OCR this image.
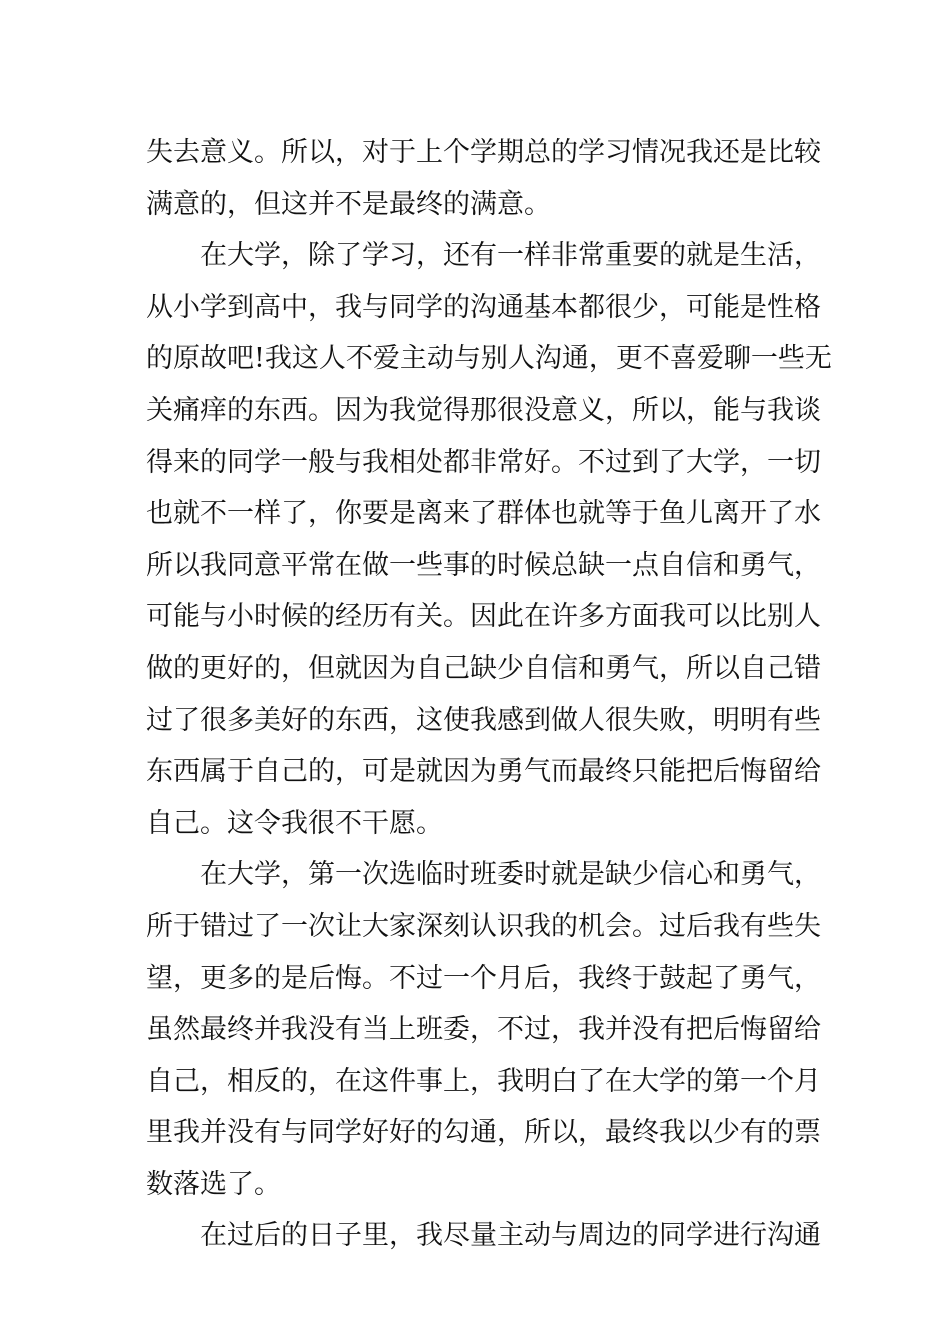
失去意义。所以，对于上个学期总的学习情况我还是比较
满意的，但这并不是最终的满意。
在大学，除了学习，还有一样非常重要的就是生活，
从小学到高中，我与同学的沟通基本都很少，可能是性格
的原故吧!我这人不爱主动与别人沟通，更不喜爱聊一些无
关痛痒的东西。因为我觉得那很没意义，所以，能与我谈
得来的同学一般与我相处都非常好。不过到了大学，一切
也就不一样了，你要是离来了群体也就等于鱼儿离开了水
所以我同意平常在做一些事的时候总缺一点自信和勇气，
可能与小时候的经历有关。因此在许多方面我可以比别人
做的更好的，但就因为自己缺少自信和勇气，所以自己错
过了很多美好的东西，这使我感到做人很失败，明明有些
东西属于自己的，可是就因为勇气而最终只能把后悔留给
自己。这令我很不干愿。
在大学，第一次选临时班委时就是缺少信心和勇气，
所于错过了一次让大家深刻认识我的机会。过后我有些失
望，更多的是后悔。不过一个月后，我终于鼓起了勇气，
虽然最终并我没有当上班委，不过，我并没有把后悔留给
自己，相反的，在这件事上，我明白了在大学的第一个月
里我并没有与同学好好的勾通，所以，最终我以少有的票
数落选了。
在过后的日子里，我尽量主动与周边的同学进行沟通
